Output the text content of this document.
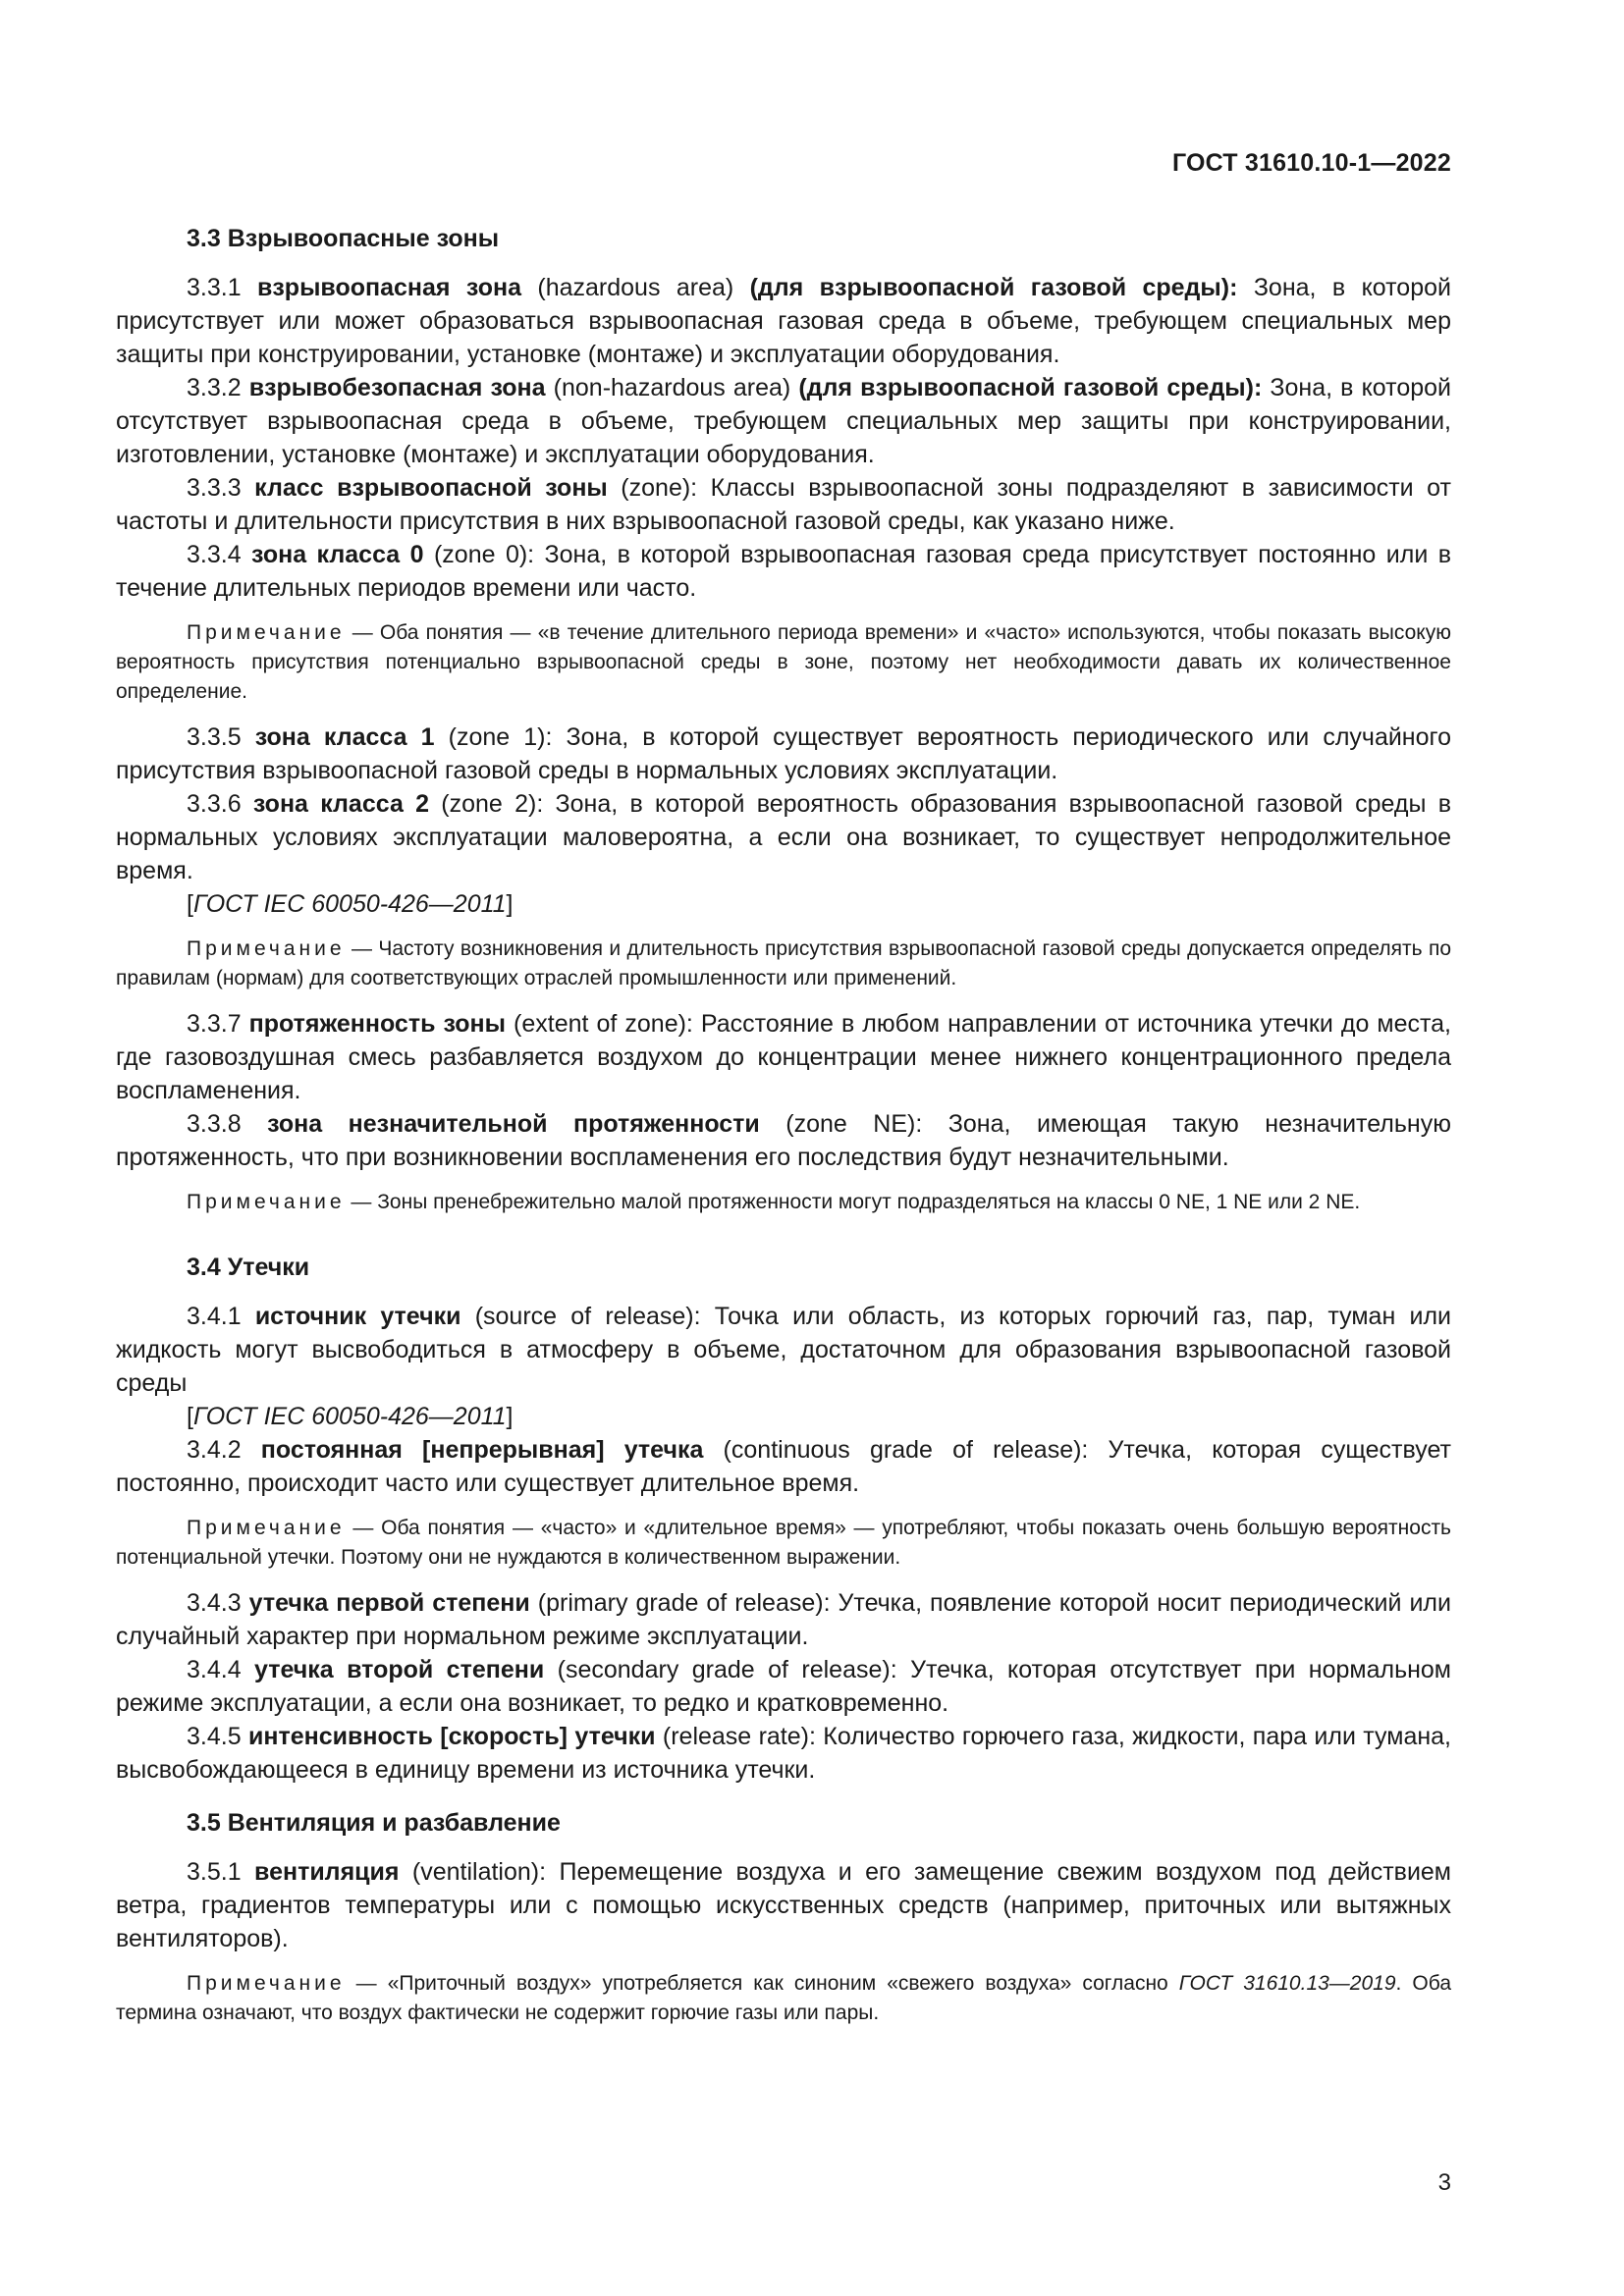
ГОСТ 31610.10-1—2022
3.3 Взрывоопасные зоны

3.3.1 взрывоопасная зона (hazardous area) (для взрывоопасной газовой среды): Зона, в которой присутствует или может образоваться взрывоопасная газовая среда в объеме, требующем специальных мер защиты при конструировании, установке (монтаже) и эксплуатации оборудования.

3.3.2 взрывобезопасная зона (non-hazardous area) (для взрывоопасной газовой среды): Зона, в которой отсутствует взрывоопасная среда в объеме, требующем специальных мер защиты при конструировании, изготовлении, установке (монтаже) и эксплуатации оборудования.

3.3.3 класс взрывоопасной зоны (zone): Классы взрывоопасной зоны подразделяют в зависимости от частоты и длительности присутствия в них взрывоопасной газовой среды, как указано ниже.

3.3.4 зона класса 0 (zone 0): Зона, в которой взрывоопасная газовая среда присутствует постоянно или в течение длительных периодов времени или часто.

Примечание — Оба понятия — «в течение длительного периода времени» и «часто» используются, чтобы показать высокую вероятность присутствия потенциально взрывоопасной среды в зоне, поэтому нет необходимости давать их количественное определение.

3.3.5 зона класса 1 (zone 1): Зона, в которой существует вероятность периодического или случайного присутствия взрывоопасной газовой среды в нормальных условиях эксплуатации.

3.3.6 зона класса 2 (zone 2): Зона, в которой вероятность образования взрывоопасной газовой среды в нормальных условиях эксплуатации маловероятна, а если она возникает, то существует непродолжительное время.

[ГОСТ IEC 60050-426—2011]

Примечание — Частоту возникновения и длительность присутствия взрывоопасной газовой среды допускается определять по правилам (нормам) для соответствующих отраслей промышленности или применений.

3.3.7 протяженность зоны (extent of zone): Расстояние в любом направлении от источника утечки до места, где газовоздушная смесь разбавляется воздухом до концентрации менее нижнего концентрационного предела воспламенения.

3.3.8 зона незначительной протяженности (zone NE): Зона, имеющая такую незначительную протяженность, что при возникновении воспламенения его последствия будут незначительными.

Примечание — Зоны пренебрежительно малой протяженности могут подразделяться на классы 0 NE, 1 NE или 2 NE.

3.4 Утечки

3.4.1 источник утечки (source of release): Точка или область, из которых горючий газ, пар, туман или жидкость могут высвободиться в атмосферу в объеме, достаточном для образования взрывоопасной газовой среды

[ГОСТ IEC 60050-426—2011]

3.4.2 постоянная [непрерывная] утечка (continuous grade of release): Утечка, которая существует постоянно, происходит часто или существует длительное время.

Примечание — Оба понятия — «часто» и «длительное время» — употребляют, чтобы показать очень большую вероятность потенциальной утечки. Поэтому они не нуждаются в количественном выражении.

3.4.3 утечка первой степени (primary grade of release): Утечка, появление которой носит периодический или случайный характер при нормальном режиме эксплуатации.

3.4.4 утечка второй степени (secondary grade of release): Утечка, которая отсутствует при нормальном режиме эксплуатации, а если она возникает, то редко и кратковременно.

3.4.5 интенсивность [скорость] утечки (release rate): Количество горючего газа, жидкости, пара или тумана, высвобождающееся в единицу времени из источника утечки.

3.5 Вентиляция и разбавление

3.5.1 вентиляция (ventilation): Перемещение воздуха и его замещение свежим воздухом под действием ветра, градиентов температуры или с помощью искусственных средств (например, приточных или вытяжных вентиляторов).

Примечание — «Приточный воздух» употребляется как синоним «свежего воздуха» согласно ГОСТ 31610.13—2019. Оба термина означают, что воздух фактически не содержит горючие газы или пары.

3
